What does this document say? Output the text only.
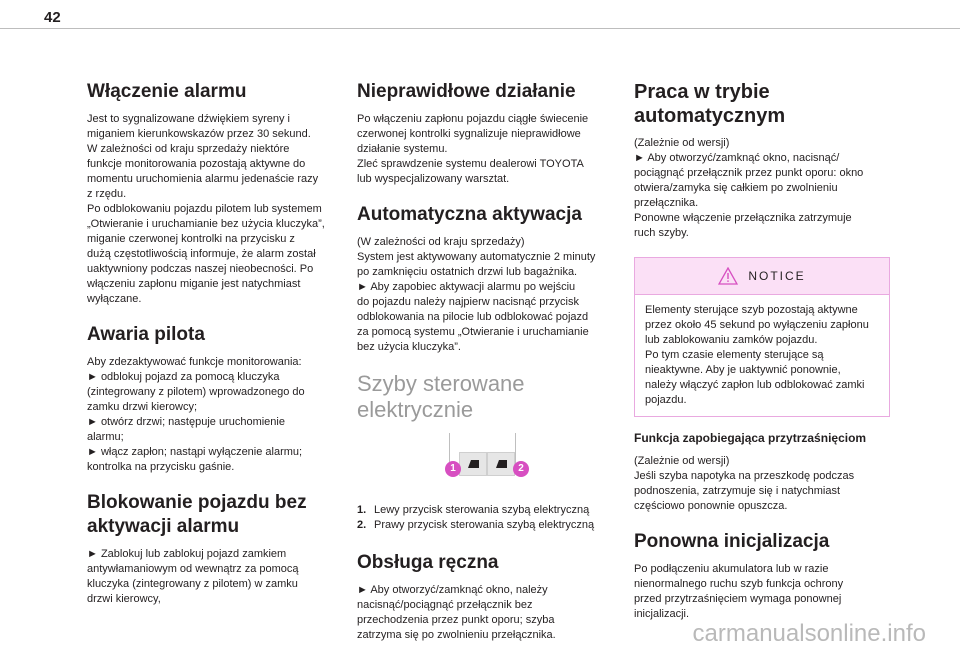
42
Włączenie alarmu

Jest to sygnalizowane dźwiękiem syreny i
miganiem kierunkowskazów przez 30 sekund.
W zależności od kraju sprzedaży niektóre
funkcje monitorowania pozostają aktywne do
momentu uruchomienia alarmu jedenaście razy
z rzędu.
Po odblokowaniu pojazdu pilotem lub systemem
„Otwieranie i uruchamianie bez użycia kluczyka”,
miganie czerwonej kontrolki na przycisku z
dużą częstotliwością informuje, że alarm został
uaktywniony podczas naszej nieobecności. Po
włączeniu zapłonu miganie jest natychmiast
wyłączane.

Awaria pilota

Aby zdezaktywować funkcje monitorowania:
► odblokuj pojazd za pomocą kluczyka
(zintegrowany z pilotem) wprowadzonego do
zamku drzwi kierowcy;
► otwórz drzwi; następuje uruchomienie
alarmu;
► włącz zapłon; nastąpi wyłączenie alarmu;
kontrolka na przycisku gaśnie.

Blokowanie pojazdu bez aktywacji alarmu

► Zablokuj lub zablokuj pojazd zamkiem
antywłamaniowym od wewnątrz za pomocą
kluczyka (zintegrowany z pilotem) w zamku
drzwi kierowcy,

Nieprawidłowe działanie

Po włączeniu zapłonu pojazdu ciągłe świecenie
czerwonej kontrolki sygnalizuje nieprawidłowe
działanie systemu.
Zleć sprawdzenie systemu dealerowi TOYOTA
lub wyspecjalizowany warsztat.

Automatyczna aktywacja

(W zależności od kraju sprzedaży)
System jest aktywowany automatycznie 2 minuty
po zamknięciu ostatnich drzwi lub bagażnika.
► Aby zapobiec aktywacji alarmu po wejściu
do pojazdu należy najpierw nacisnąć przycisk
odblokowania na pilocie lub odblokować pojazd
za pomocą systemu „Otwieranie i uruchamianie
bez użycia kluczyka”.

Szyby sterowane elektrycznie
1	2
1. Lewy przycisk sterowania szybą elektryczną
2. Prawy przycisk sterowania szybą elektryczną
Obsługa ręczna

► Aby otworzyć/zamknąć okno, należy
nacisnąć/pociągnąć przełącznik bez
przechodzenia przez punkt oporu; szyba
zatrzyma się po zwolnieniu przełącznika.

Praca w trybie automatycznym

(Zależnie od wersji)
► Aby otworzyć/zamknąć okno, nacisnąć/
pociągnąć przełącznik przez punkt oporu: okno
otwiera/zamyka się całkiem po zwolnieniu
przełącznika.
Ponowne włączenie przełącznika zatrzymuje
ruch szyby.

NOTICE

Elementy sterujące szyb pozostają aktywne
przez około 45 sekund po wyłączeniu zapłonu
lub zablokowaniu zamków pojazdu.
Po tym czasie elementy sterujące są
nieaktywne. Aby je uaktywnić ponownie,
należy włączyć zapłon lub odblokować zamki
pojazdu.

Funkcja zapobiegająca przytrzaśnięciom

(Zależnie od wersji)
Jeśli szyba napotyka na przeszkodę podczas
podnoszenia, zatrzymuje się i natychmiast
częściowo ponownie opuszcza.

Ponowna inicjalizacja

Po podłączeniu akumulatora lub w razie
nienormalnego ruchu szyb funkcja ochrony
przed przytrzaśnięciem wymaga ponownej
inicjalizacji.

carmanualsonline.info
